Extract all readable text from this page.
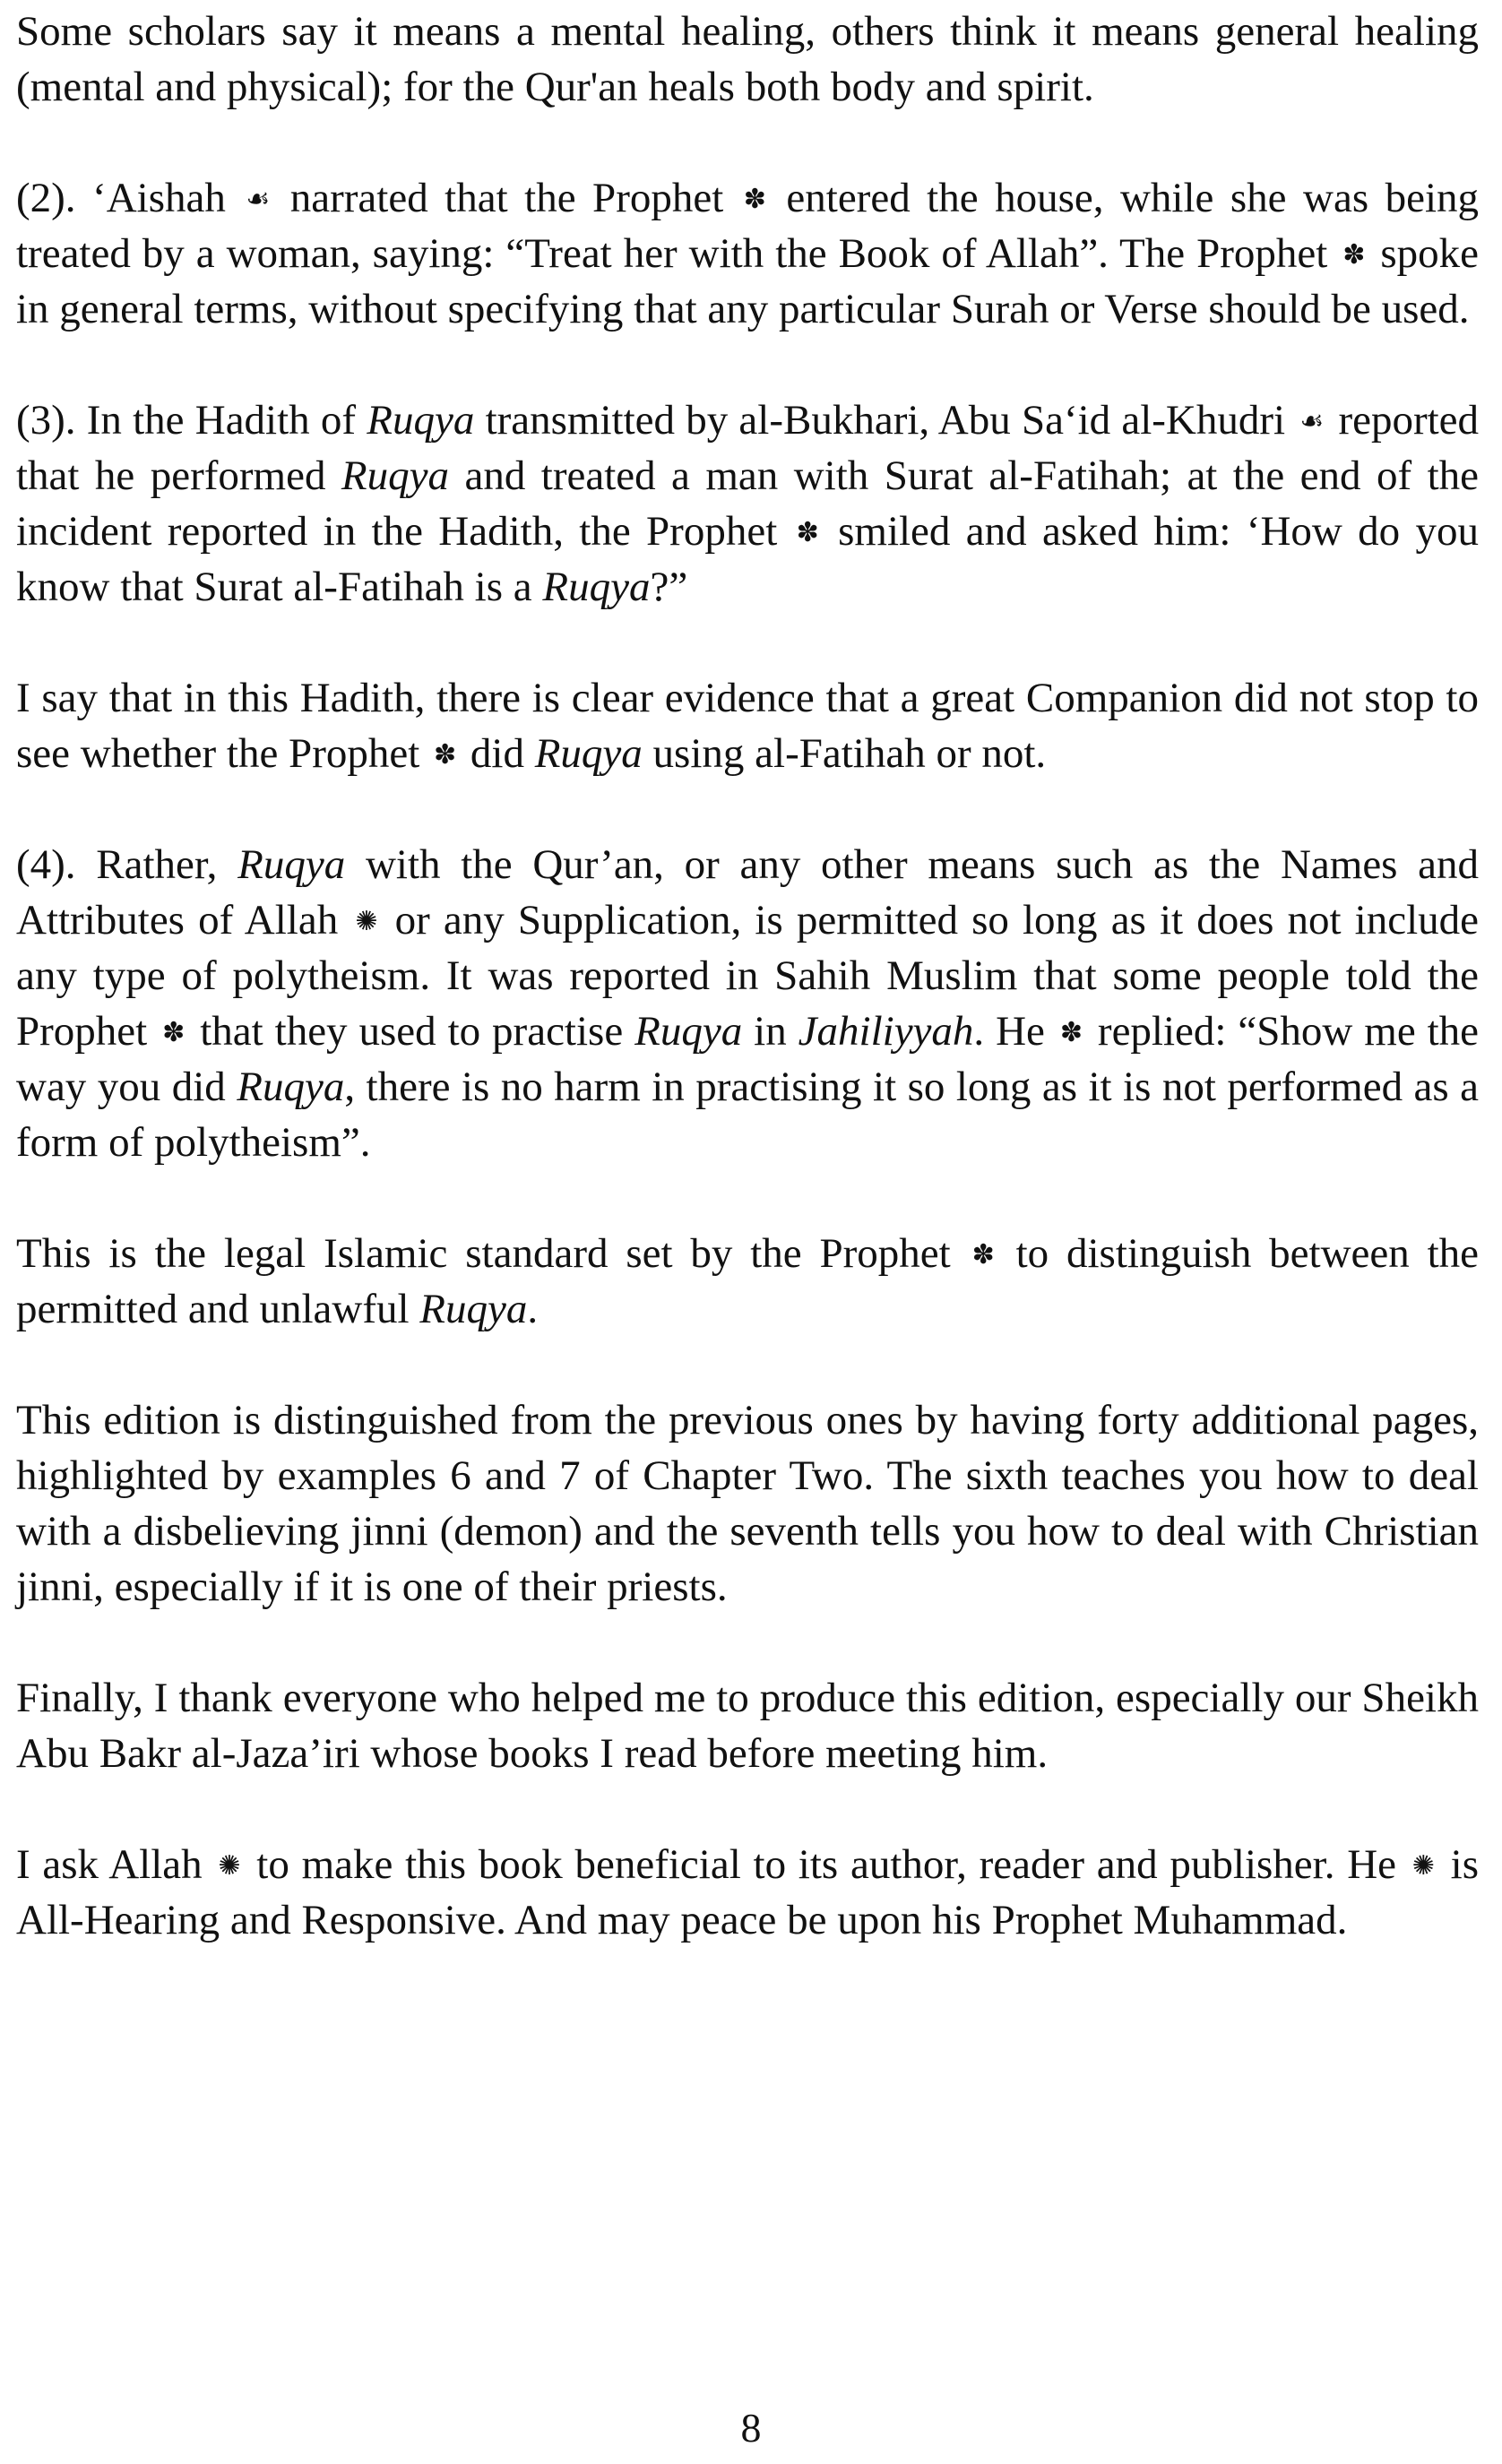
Some scholars say it means a mental healing, others think it means general healing (mental and physical); for the Qur'an heals both body and spirit.

(2). ‘Aishah ☙ narrated that the Prophet ✽ entered the house, while she was being treated by a woman, saying: “Treat her with the Book of Allah”. The Prophet ✽ spoke in general terms, without specifying that any particular Surah or Verse should be used.

(3). In the Hadith of Ruqya transmitted by al-Bukhari, Abu Sa‘id al-Khudri ☙ reported that he performed Ruqya and treated a man with Surat al-Fatihah; at the end of the incident reported in the Hadith, the Prophet ✽ smiled and asked him: ‘How do you know that Surat al-Fatihah is a Ruqya?”

I say that in this Hadith, there is clear evidence that a great Companion did not stop to see whether the Prophet ✽ did Ruqya using al-Fatihah or not.

(4). Rather, Ruqya with the Qur’an, or any other means such as the Names and Attributes of Allah ✺ or any Supplication, is permitted so long as it does not include any type of polytheism. It was reported in Sahih Muslim that some people told the Prophet ✽ that they used to practise Ruqya in Jahiliyyah. He ✽ replied: “Show me the way you did Ruqya, there is no harm in practising it so long as it is not performed as a form of polytheism”.

This is the legal Islamic standard set by the Prophet ✽ to distinguish between the permitted and unlawful Ruqya.

This edition is distinguished from the previous ones by having forty additional pages, highlighted by examples 6 and 7 of Chapter Two. The sixth teaches you how to deal with a disbelieving jinni (demon) and the seventh tells you how to deal with Christian jinni, especially if it is one of their priests.

Finally, I thank everyone who helped me to produce this edition, especially our Sheikh Abu Bakr al-Jaza’iri whose books I read before meeting him.

I ask Allah ✺ to make this book beneficial to its author, reader and publisher. He ✺ is All-Hearing and Responsive. And may peace be upon his Prophet Muhammad.

8
